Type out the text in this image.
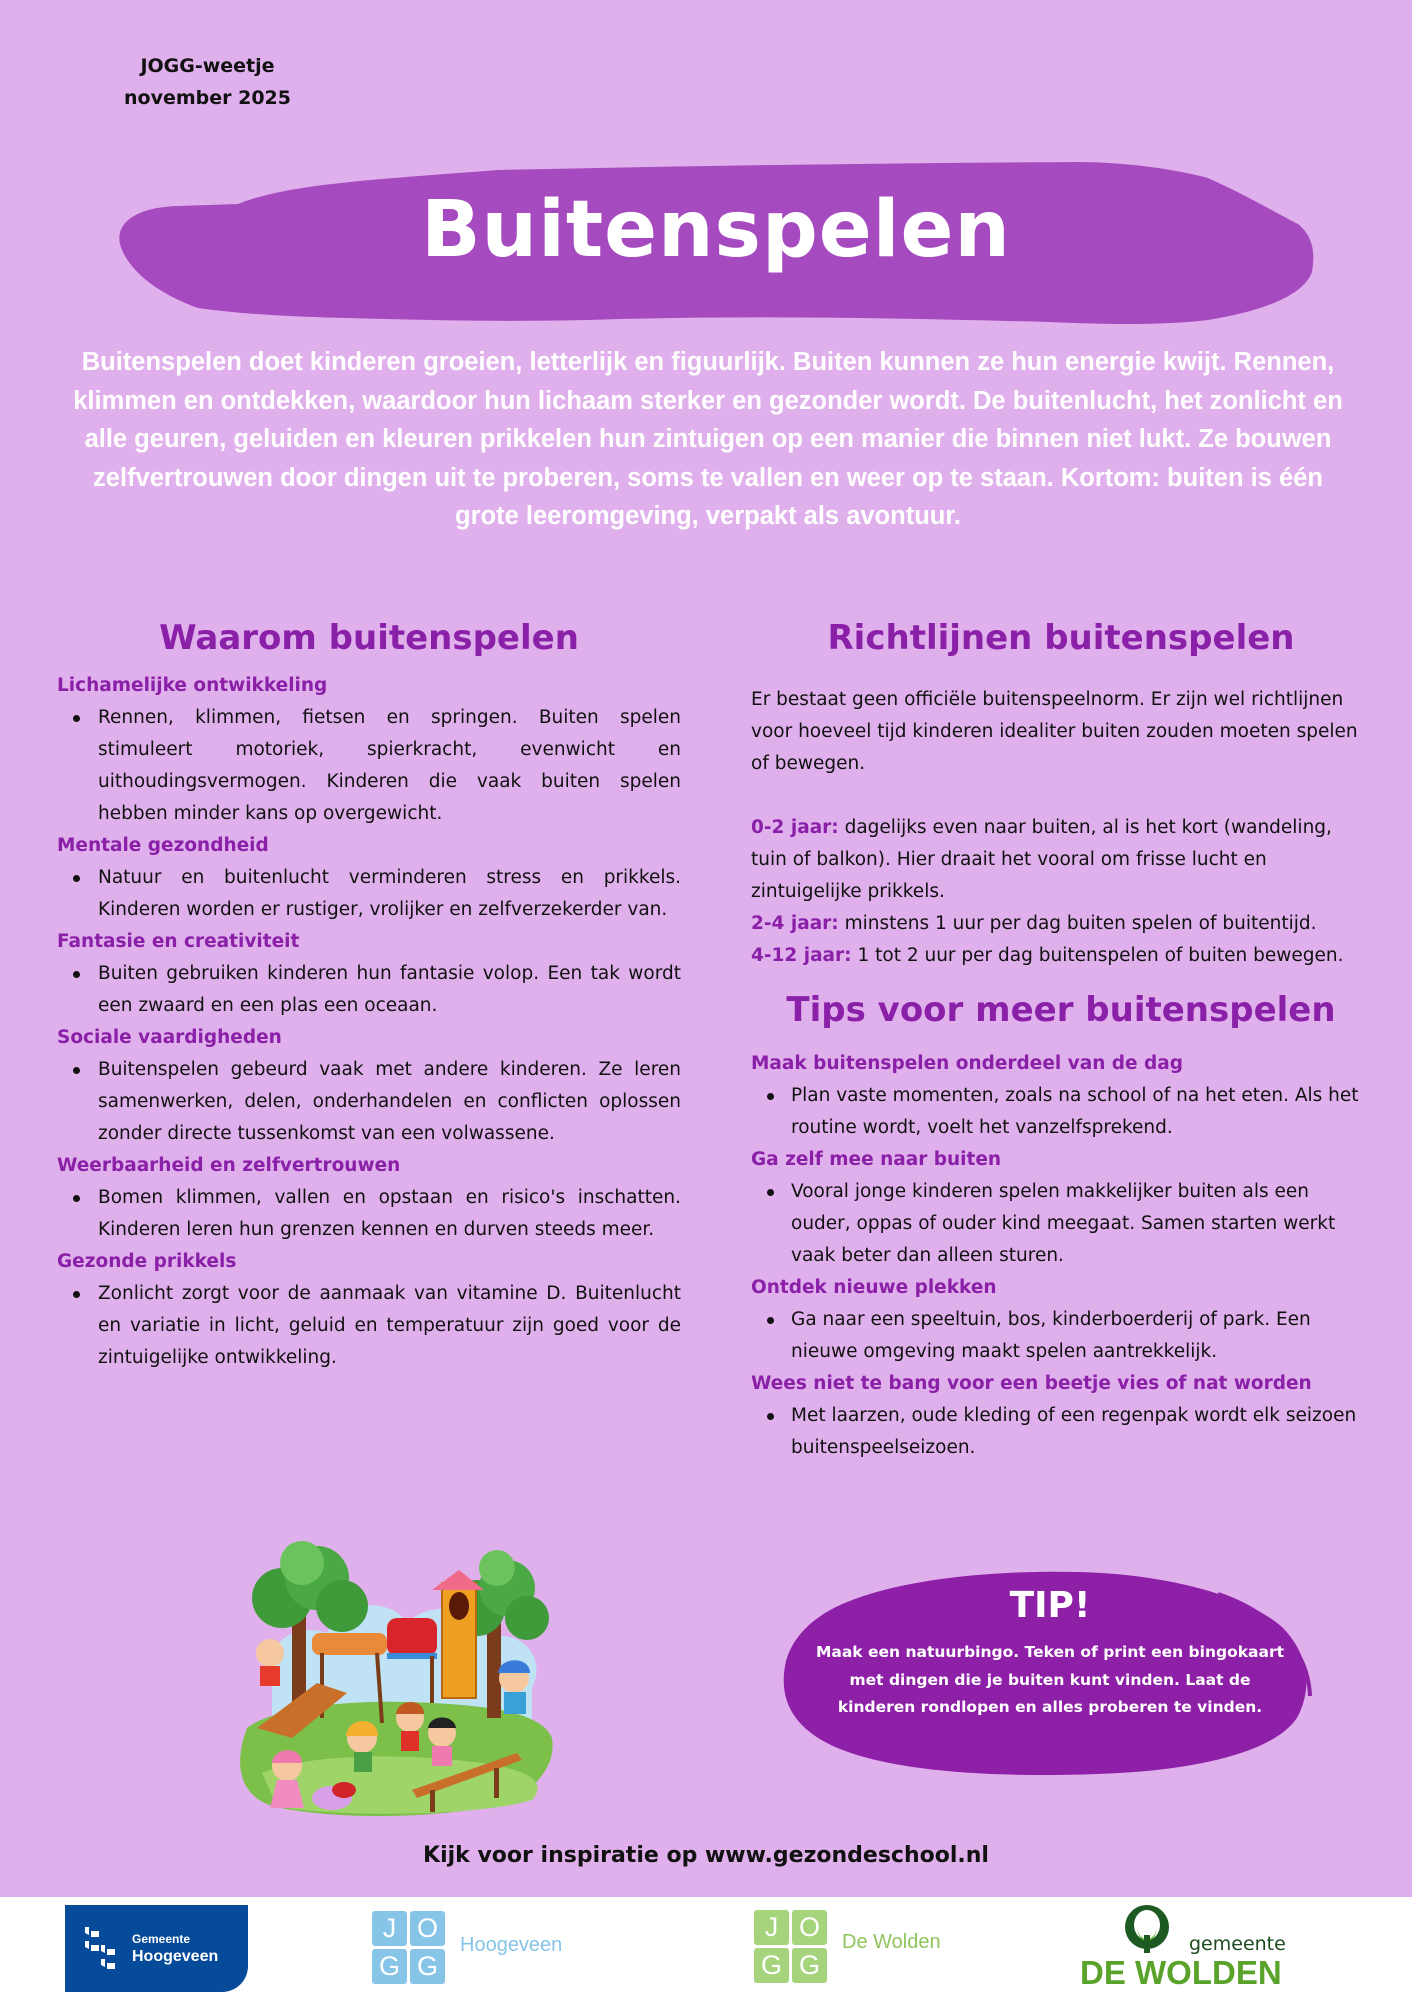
JOGG-weetje
november 2025
Buitenspelen

Buitenspelen doet kinderen groeien, letterlijk en figuurlijk. Buiten kunnen ze hun energie kwijt. Rennen, klimmen en ontdekken, waardoor hun lichaam sterker en gezonder wordt. De buitenlucht, het zonlicht en alle geuren, geluiden en kleuren prikkelen hun zintuigen op een manier die binnen niet lukt. Ze bouwen zelfvertrouwen door dingen uit te proberen, soms te vallen en weer op te staan. Kortom: buiten is één grote leeromgeving, verpakt als avontuur.

Waarom buitenspelen
Lichamelijke ontwikkeling
Rennen, klimmen, fietsen en springen. Buiten spelen stimuleert motoriek, spierkracht, evenwicht en uithoudingsvermogen. Kinderen die vaak buiten spelen hebben minder kans op overgewicht.
Mentale gezondheid
Natuur en buitenlucht verminderen stress en prikkels. Kinderen worden er rustiger, vrolijker en zelfverzekerder van.
Fantasie en creativiteit
Buiten gebruiken kinderen hun fantasie volop. Een tak wordt een zwaard en een plas een oceaan.
Sociale vaardigheden
Buitenspelen gebeurd vaak met andere kinderen. Ze leren samenwerken, delen, onderhandelen en conflicten oplossen zonder directe tussenkomst van een volwassene.
Weerbaarheid en zelfvertrouwen
Bomen klimmen, vallen en opstaan en risico's inschatten. Kinderen leren hun grenzen kennen en durven steeds meer.
Gezonde prikkels
Zonlicht zorgt voor de aanmaak van vitamine D. Buitenlucht en variatie in licht, geluid en temperatuur zijn goed voor de zintuigelijke ontwikkeling.
Richtlijnen buitenspelen

Er bestaat geen officiële buitenspeelnorm. Er zijn wel richtlijnen voor hoeveel tijd kinderen idealiter buiten zouden moeten spelen of bewegen.

0-2 jaar: dagelijks even naar buiten, al is het kort (wandeling, tuin of balkon). Hier draait het vooral om frisse lucht en zintuigelijke prikkels.

2-4 jaar: minstens 1 uur per dag buiten spelen of buitentijd.

4-12 jaar: 1 tot 2 uur per dag buitenspelen of buiten bewegen.

Tips voor meer buitenspelen
Maak buitenspelen onderdeel van de dag
Plan vaste momenten, zoals na school of na het eten. Als het routine wordt, voelt het vanzelfsprekend.
Ga zelf mee naar buiten
Vooral jonge kinderen spelen makkelijker buiten als een ouder, oppas of ouder kind meegaat. Samen starten werkt vaak beter dan alleen sturen.
Ontdek nieuwe plekken
Ga naar een speeltuin, bos, kinderboerderij of park. Een nieuwe omgeving maakt spelen aantrekkelijk.
Wees niet te bang voor een beetje vies of nat worden
Met laarzen, oude kleding of een regenpak wordt elk seizoen buitenspeelseizoen.
TIP!

Maak een natuurbingo. Teken of print een bingokaart met dingen die je buiten kunt vinden. Laat de kinderen rondlopen en alles proberen te vinden.

Kijk voor inspiratie op www.gezondeschool.nl
Gemeente
Hoogeveen
J O
G G
Hoogeveen
J O
G G
De Wolden	gemeente
DE WOLDEN
